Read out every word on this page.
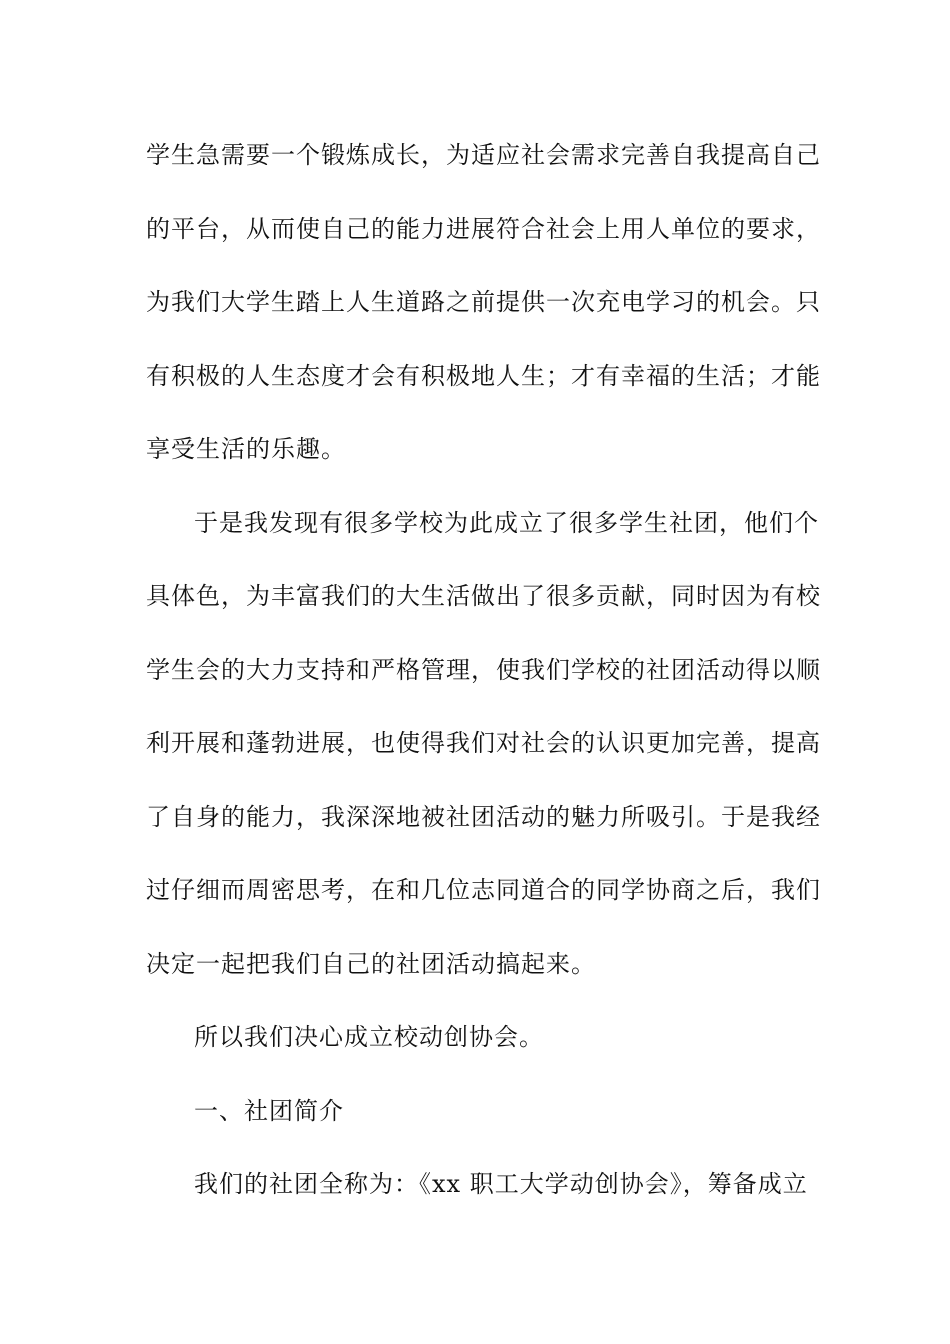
学生急需要一个锻炼成长，为适应社会需求完善自我提高自己
的平台，从而使自己的能力进展符合社会上用人单位的要求，
为我们大学生踏上人生道路之前提供一次充电学习的机会。只
有积极的人生态度才会有积极地人生；才有幸福的生活；才能
享受生活的乐趣。
于是我发现有很多学校为此成立了很多学生社团，他们个
具体色，为丰富我们的大生活做出了很多贡献，同时因为有校
学生会的大力支持和严格管理，使我们学校的社团活动得以顺
利开展和蓬勃进展，也使得我们对社会的认识更加完善，提高
了自身的能力，我深深地被社团活动的魅力所吸引。于是我经
过仔细而周密思考，在和几位志同道合的同学协商之后，我们
决定一起把我们自己的社团活动搞起来。
所以我们决心成立校动创协会。
一、社团简介
我们的社团全称为：《xx 职工大学动创协会》，筹备成立
